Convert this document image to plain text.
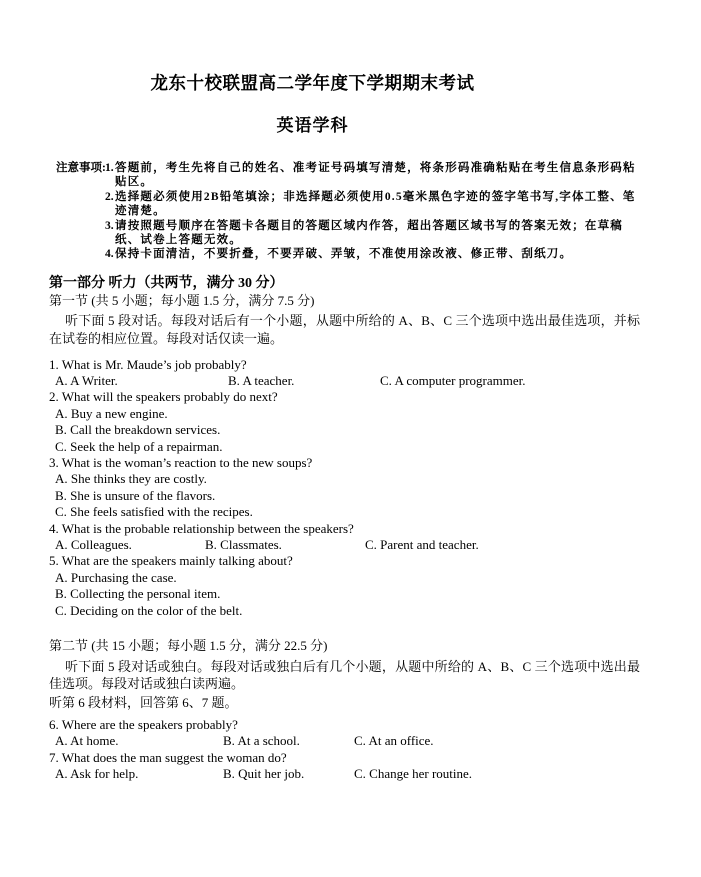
龙东十校联盟高二学年度下学期期末考试
英语学科
注意事项: 1. 答题前，考生先将自己的姓名、准考证号码填写清楚，将条形码准确粘贴在考生信息条形码粘贴区。
2. 选择题必须使用2B铅笔填涂；非选择题必须使用0.5毫米黑色字迹的签字笔书写,字体工整、笔迹清楚。
3. 请按照题号顺序在答题卡各题目的答题区域内作答，超出答题区域书写的答案无效；在草稿纸、试卷上答题无效。
4. 保持卡面清洁，不要折叠，不要弄破、弄皱，不准使用涂改液、修正带、刮纸刀。
第一部分 听力（共两节，满分 30 分）
第一节 (共 5 小题；每小题 1.5 分，满分 7.5 分)

听下面 5 段对话。每段对话后有一个小题，从题中所给的 A、B、C 三个选项中选出最佳选项，并标在试卷的相应位置。每段对话仅读一遍。

1. What is Mr. Maude’s job probably?
A. A Writer.	B. A teacher.	C. A computer programmer.
2. What will the speakers probably do next?
A. Buy a new engine.
B. Call the breakdown services.
C. Seek the help of a repairman.
3. What is the woman’s reaction to the new soups?
A. She thinks they are costly.
B. She is unsure of the flavors.
C. She feels satisfied with the recipes.
4. What is the probable relationship between the speakers?
A. Colleagues.	B. Classmates.	C. Parent and teacher.
5. What are the speakers mainly talking about?
A. Purchasing the case.
B. Collecting the personal item.
C. Deciding on the color of the belt.
第二节 (共 15 小题；每小题 1.5 分，满分 22.5 分)

听下面 5 段对话或独白。每段对话或独白后有几个小题，从题中所给的 A、B、C 三个选项中选出最佳选项。每段对话或独白读两遍。

听第 6 段材料，回答第 6、7 题。
6. Where are the speakers probably?
A. At home.	B. At a school.	C. At an office.
7. What does the man suggest the woman do?
A. Ask for help.	B. Quit her job.	C. Change her routine.
